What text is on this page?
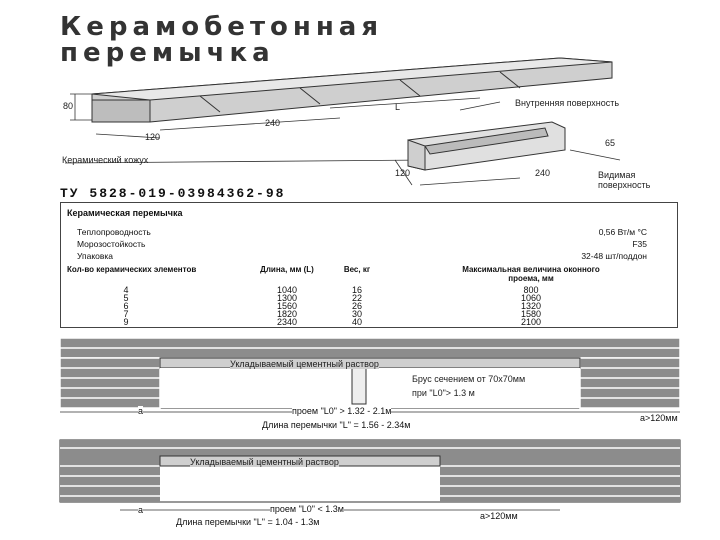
Керамобетонная
перемычка
80
120
240
L	Внутренняя поверхность
Керамический кожух
120	240
65
Видимая поверхность
ТУ 5828-019-03984362-98
Керамическая перемычка
Теплопроводность	0,56 Вт/м °С
Морозостойкость	F35
Упаковка	32-48 шт/поддон
Кол-во керамических элементов	Длина, мм (L)	Вес, кг	Максимальная величина оконного проема, мм
4	1040	16	800
5	1300	22	1060
6	1560	26	1320
7	1820	30	1580
9	2340	40	2100
Укладываемый цементный раствор
Брус сечением от 70х70мм
при "L0"> 1.3 м
a	проем "L0" > 1.32 - 2.1м
Длина перемычки "L" = 1.56 - 2.34м
a>120мм
Укладываемый цементный раствор
a	проем "L0" < 1.3м
Длина перемычки "L" = 1.04 - 1.3м
a>120мм
